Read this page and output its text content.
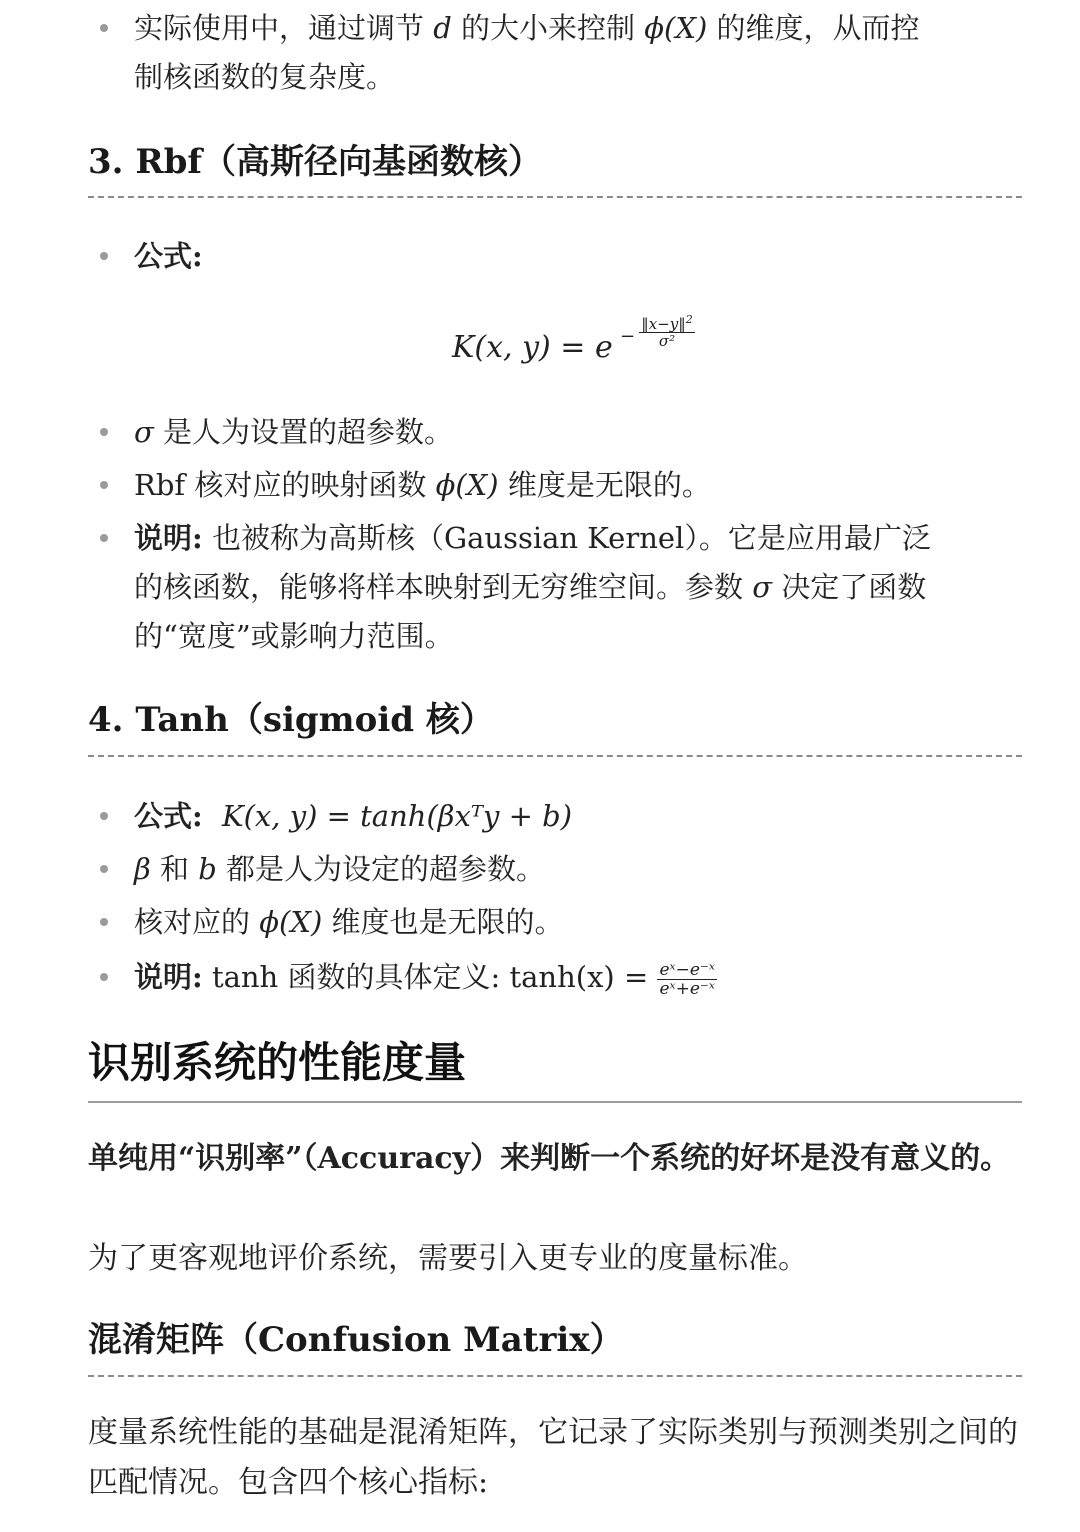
实际使用中，通过调节 d 的大小来控制 ϕ(X) 的维度，从而控
制核函数的复杂度。
3. Rbf（高斯径向基函数核）
公式:
K(x, $y) = e - \frac{‖x-y‖^2}{\text{σ²}}$
σ 是人为设置的超参数。
Rbf 核对应的映射函数 ϕ(X) 维度是无限的。
说明: 也被称为高斯核（Gaussian Kernel）。它是应用最广泛
的核函数，能够将样本映射到无穷维空间。参数 σ 决定了函数
的“宽度”或影响力范围。
4. Tanh（sigmoid 核）
公式: K(x, y) = tanh(βxᵀy + b)
β 和 b 都是人为设定的超参数。
核对应的 ϕ(X) 维度也是无限的。
说明: tanh 函数的具体定义: $\tanh(x) = \frac{\text{eˣ−e⁻ˣ}}{\text{eˣ+e⁻ˣ}}$
识别系统的性能度量
单纯用“识别率”（Accuracy）来判断一个系统的好坏是没有意义的。
为了更客观地评价系统，需要引入更专业的度量标准。
混淆矩阵（Confusion Matrix）
度量系统性能的基础是混淆矩阵，它记录了实际类别与预测类别之间的匹配情况。包含四个核心指标:
